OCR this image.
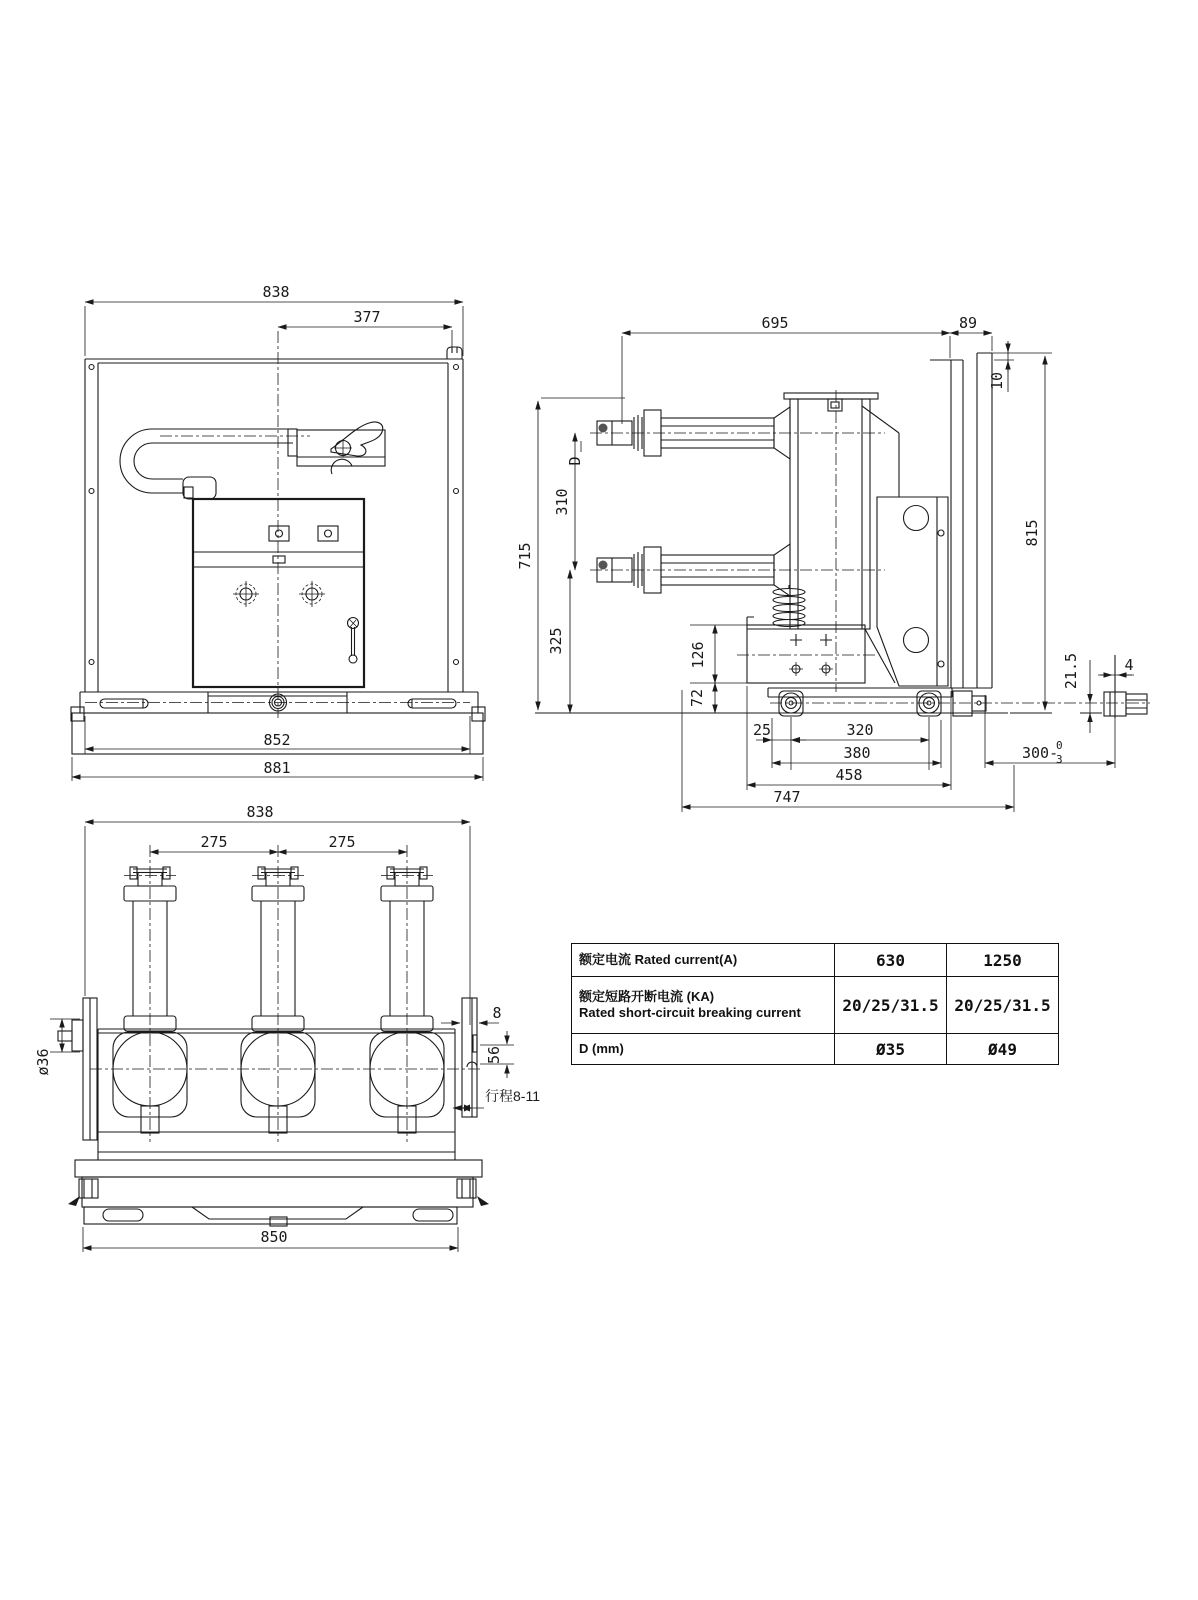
838
377
852
881
695	89
10
815
715
310
325
D
126
72
25	320
380
458
747
300-
0
3
21.5	4
838
275	275
ø36
8
56
行程8-11
850
额定电流 Rated current(A)	630	1250
额定短路开断电流 (KA)
Rated short-circuit breaking current	20/25/31.5 20/25/31.5
D (mm)	Ø35	Ø49
